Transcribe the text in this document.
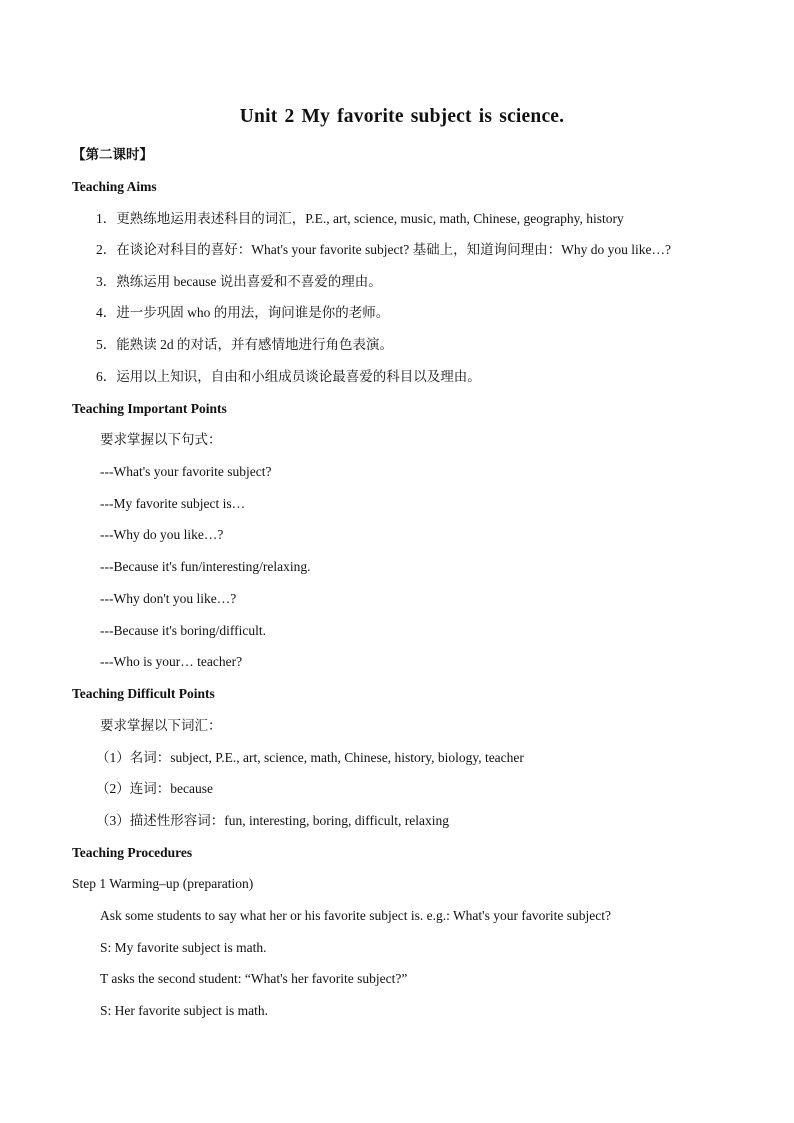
Unit 2 My favorite subject is science.
【第二课时】
Teaching Aims
1．更熟练地运用表述科目的词汇，P.E., art, science, music, math, Chinese, geography, history
2．在谈论对科目的喜好：What's your favorite subject? 基础上，知道询问理由：Why do you like…?
3．熟练运用 because 说出喜爱和不喜爱的理由。
4．进一步巩固 who 的用法，询问谁是你的老师。
5．能熟读 2d 的对话，并有感情地进行角色表演。
6．运用以上知识，自由和小组成员谈论最喜爱的科目以及理由。
Teaching Important Points
要求掌握以下句式：
---What's your favorite subject?
---My favorite subject is…
---Why do you like…?
---Because it's fun/interesting/relaxing.
---Why don't you like…?
---Because it's boring/difficult.
---Who is your… teacher?
Teaching Difficult Points
要求掌握以下词汇：
（1）名词：subject, P.E., art, science, math, Chinese, history, biology, teacher
（2）连词：because
（3）描述性形容词：fun, interesting, boring, difficult, relaxing
Teaching Procedures
Step 1 Warming–up (preparation)
Ask some students to say what her or his favorite subject is. e.g.: What's your favorite subject?
S: My favorite subject is math.
T asks the second student: “What's her favorite subject?”
S: Her favorite subject is math.
